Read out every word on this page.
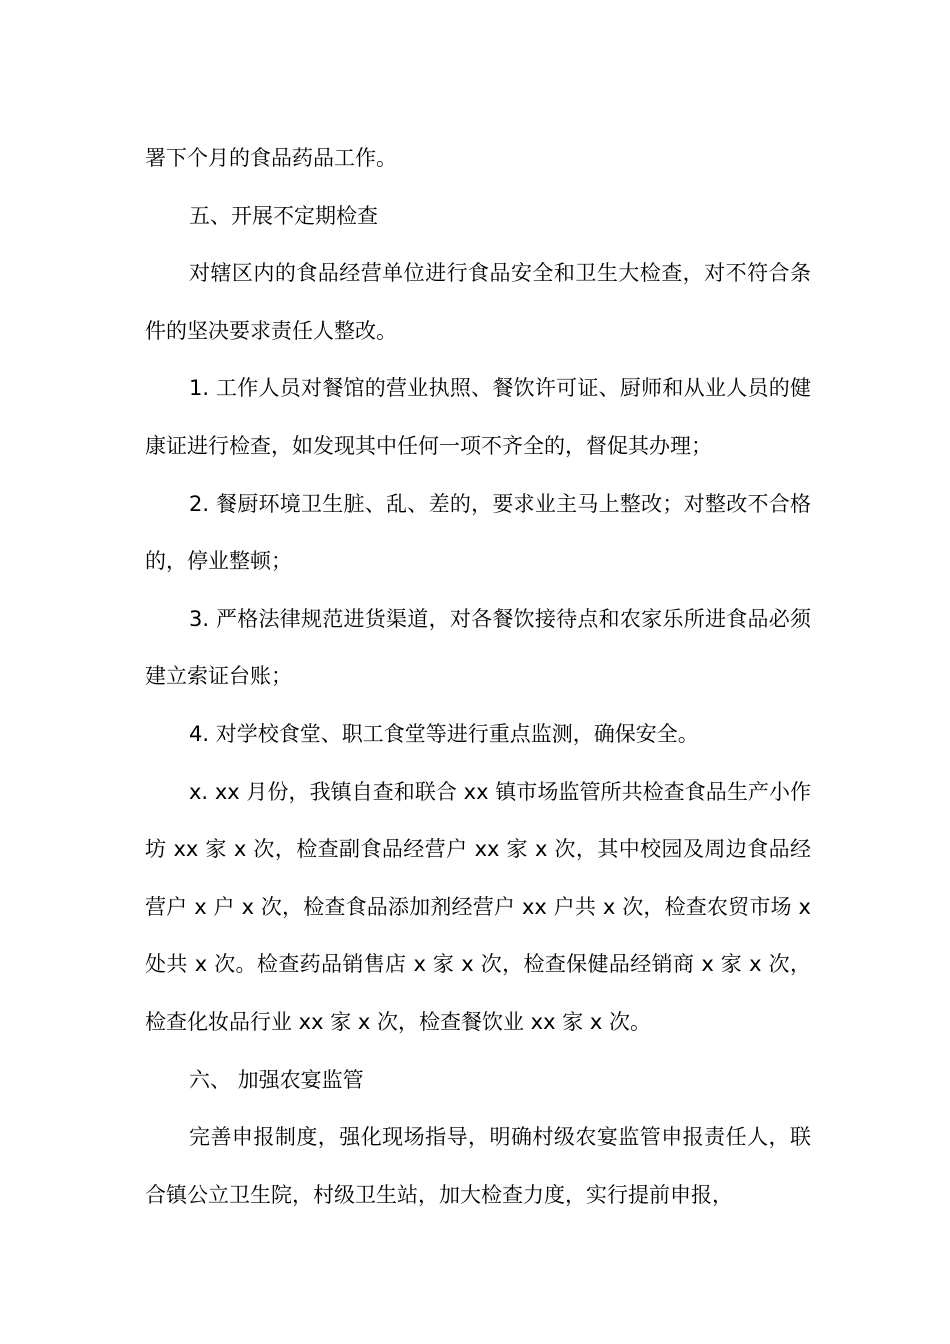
署下个月的食品药品工作。

五、开展不定期检查

对辖区内的食品经营单位进行食品安全和卫生大检查，对不符合条件的坚决要求责任人整改。

1. 工作人员对餐馆的营业执照、餐饮许可证、厨师和从业人员的健康证进行检查，如发现其中任何一项不齐全的，督促其办理；

2. 餐厨环境卫生脏、乱、差的，要求业主马上整改；对整改不合格的，停业整顿；

3. 严格法律规范进货渠道，对各餐饮接待点和农家乐所进食品必须建立索证台账；

4. 对学校食堂、职工食堂等进行重点监测，确保安全。

x. xx 月份，我镇自查和联合 xx 镇市场监管所共检查食品生产小作坊 xx 家 x 次，检查副食品经营户 xx 家 x 次，其中校园及周边食品经营户 x 户 x 次，检查食品添加剂经营户 xx 户共 x 次，检查农贸市场 x 处共 x 次。检查药品销售店 x 家 x 次，检查保健品经销商 x 家 x 次，检查化妆品行业 xx 家 x 次，检查餐饮业 xx 家 x 次。

六、 加强农宴监管

完善申报制度，强化现场指导，明确村级农宴监管申报责任人，联合镇公立卫生院，村级卫生站，加大检查力度，实行提前申报，
